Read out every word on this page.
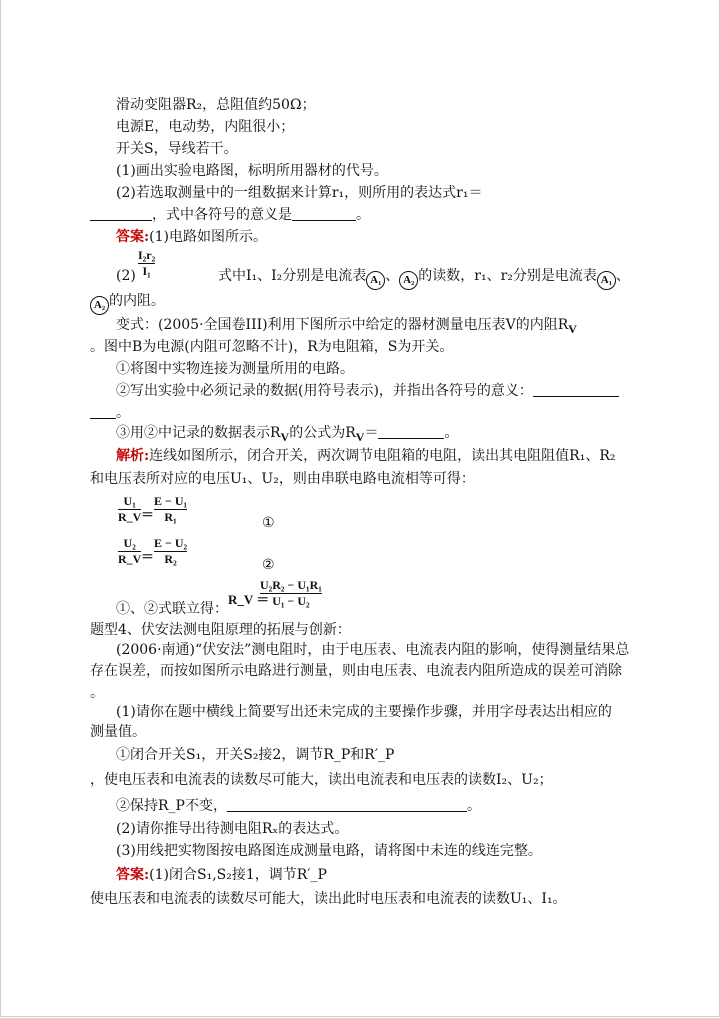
滑动变阻器R₂，总阻值约50Ω；
电源E，电动势，内阻很小；
开关S，导线若干。
(1)画出实验电路图，标明所用器材的代号。
(2)若选取测量中的一组数据来计算r₁，则所用的表达式r₁＝
，式中各符号的意义是	。
答案:(1)电路如图所示。
(2)
I₂r₂
I₁	式中I₁、I₂分别是电流表 A₁ 、 A₂ 的读数，r₁、r₂分别是电流表 A₁ 、
A₂ 的内阻。
变式：(2005·全国卷III)利用下图所示中给定的器材测量电压表V的内阻$R_V$
。图中B为电源(内阻可忽略不计)，R为电阻箱，S为开关。
①将图中实物连接为测量所用的电路。
②写出实验中必须记录的数据(用符号表示)，并指出各符号的意义：
。
③用②中记录的数据表示$R_V$的公式为$R_V=$	。
解析:连线如图所示，闭合开关，两次调节电阻箱的电阻，读出其电阻阻值R₁、R₂
和电压表所对应的电压U₁、U₂，则由串联电路电流相等可得：
U₁
R_V ＝
E − U₁
R₁	①
U₂
R_V ＝
E − U₂
R₂	②
①、②式联立得：
R_V ＝
U₂R₂ − U₁R₁
U₁ − U₂
题型4、伏安法测电阻原理的拓展与创新：
(2006·南通)“伏安法”测电阻时，由于电压表、电流表内阻的影响，使得测量结果总
存在误差，而按如图所示电路进行测量，则由电压表、电流表内阻所造成的误差可消除
。
(1)请你在题中横线上简要写出还未完成的主要操作步骤，并用字母表达出相应的
测量值。
①闭合开关S₁，开关S₂接2，调节R_P和R′_P
，使电压表和电流表的读数尽可能大，读出电流表和电压表的读数I₂、U₂；
②保持R_P不变，	。
(2)请你推导出待测电阻Rₓ的表达式。
(3)用线把实物图按电路图连成测量电路，请将图中未连的线连完整。
答案:(1)闭合S₁,S₂接1，调节R′_P
使电压表和电流表的读数尽可能大，读出此时电压表和电流表的读数U₁、I₁。
